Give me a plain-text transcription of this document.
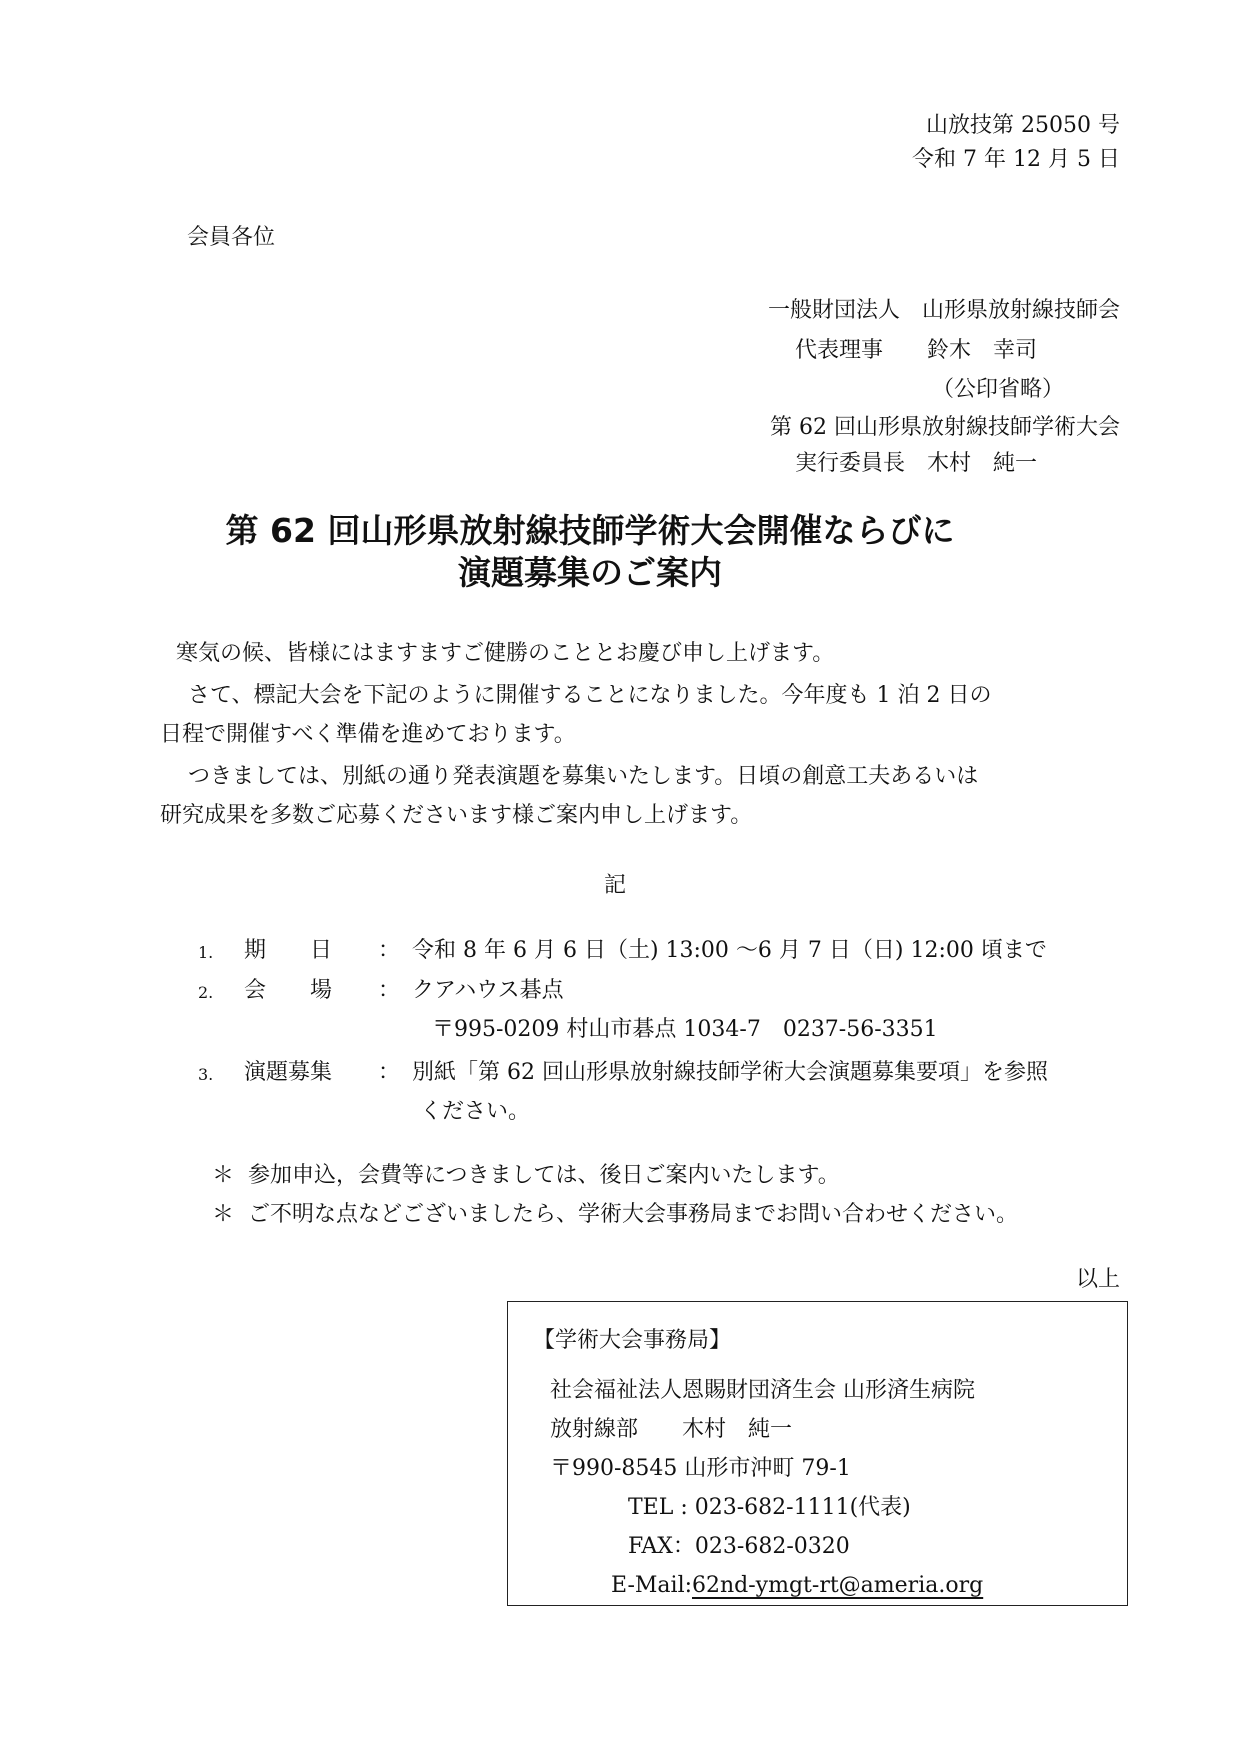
山放技第 25050 号
令和 7 年 12 月 5 日
会員各位
一般財団法人　山形県放射線技師会
代表理事　　鈴木　幸司
（公印省略）
第 62 回山形県放射線技師学術大会
実行委員長　木村　純一
第 62 回山形県放射線技師学術大会開催ならびに
演題募集のご案内
寒気の候、皆様にはますますご健勝のこととお慶び申し上げます。
さて、標記大会を下記のように開催することになりました。今年度も 1 泊 2 日の
日程で開催すべく準備を進めております。
つきましては、別紙の通り発表演題を募集いたします。日頃の創意工夫あるいは
研究成果を多数ご応募くださいます様ご案内申し上げます。
記
1. 期　　日 ： 令和 8 年 6 月 6 日（土) 13:00 ～6 月 7 日（日) 12:00 頃まで
2. 会　　場 ： クアハウス碁点
〒995-0209 村山市碁点 1034-7　0237-56-3351
3. 演題募集 ： 別紙「第 62 回山形県放射線技師学術大会演題募集要項」を参照
ください。
＊ 参加申込，会費等につきましては、後日ご案内いたします。
＊ ご不明な点などございましたら、学術大会事務局までお問い合わせください。
以上
【学術大会事務局】
社会福祉法人恩賜財団済生会 山形済生病院
放射線部　　木村　純一
〒990-8545 山形市沖町 79-1
TEL : 023-682-1111(代表)
FAX：023-682-0320
E-Mail: 62nd-ymgt-rt@ameria.org
